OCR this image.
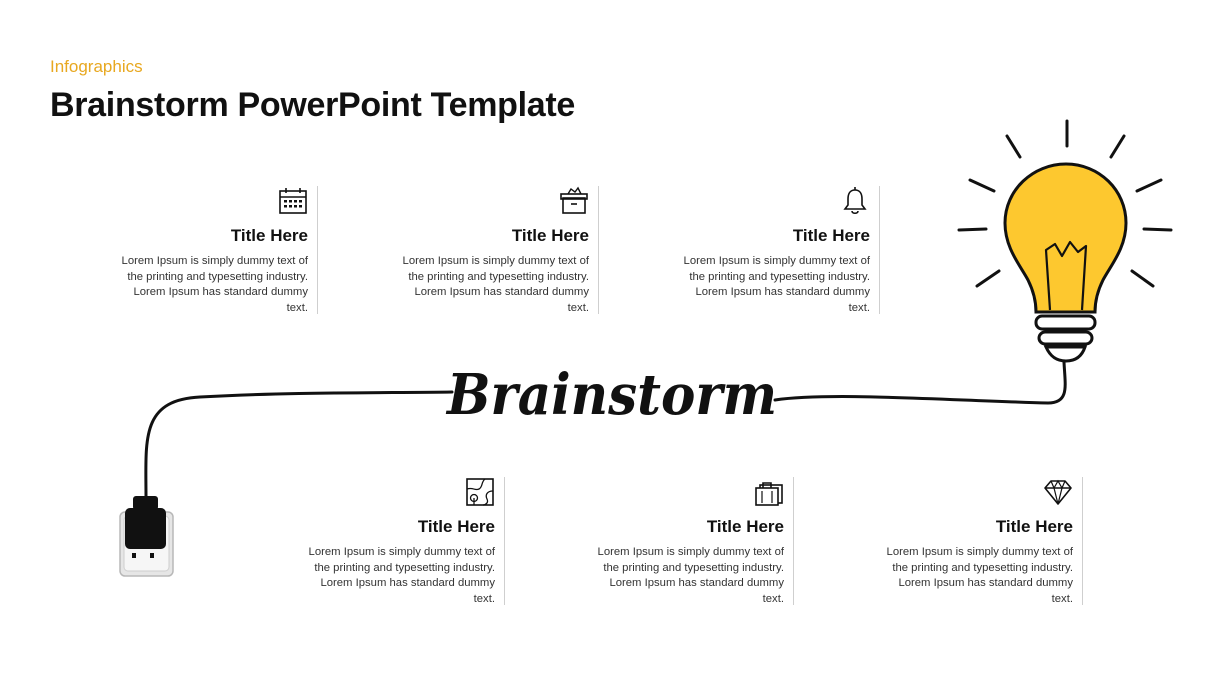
Infographics
Brainstorm PowerPoint Template
Brainstorm
Title Here
Lorem Ipsum is simply dummy text of the printing and typesetting industry. Lorem Ipsum has standard dummy text.
Title Here
Lorem Ipsum is simply dummy text of the printing and typesetting industry. Lorem Ipsum has standard dummy text.
Title Here
Lorem Ipsum is simply dummy text of the printing and typesetting industry. Lorem Ipsum has standard dummy text.
Title Here
Lorem Ipsum is simply dummy text of the printing and typesetting industry. Lorem Ipsum has standard dummy text.
Title Here
Lorem Ipsum is simply dummy text of the printing and typesetting industry. Lorem Ipsum has standard dummy text.
Title Here
Lorem Ipsum is simply dummy text of the printing and typesetting industry. Lorem Ipsum has standard dummy text.
